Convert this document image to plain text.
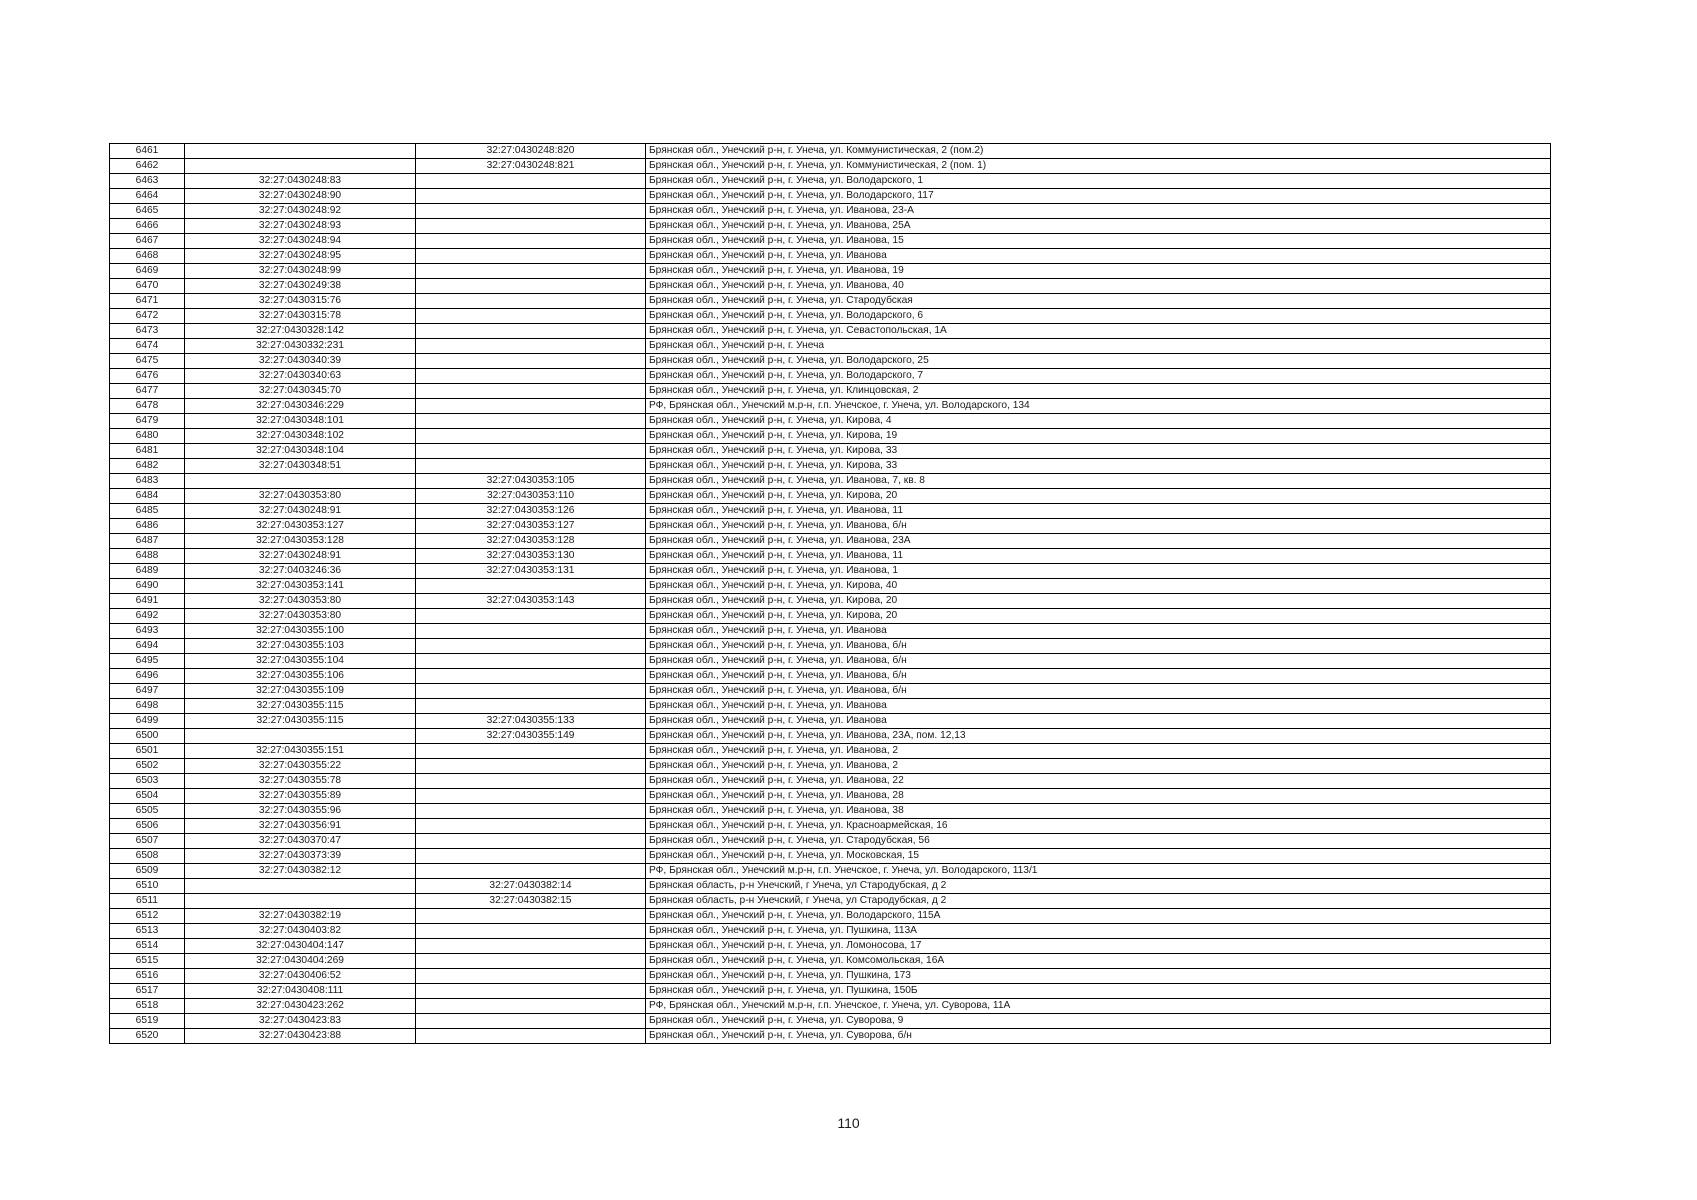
6461		32:27:0430248:820	Брянская обл., Унечский р-н, г. Унеча, ул. Коммунистическая, 2 (пом.2)
6462		32:27:0430248:821	Брянская обл., Унечский р-н, г. Унеча, ул. Коммунистическая, 2 (пом. 1)
6463	32:27:0430248:83		Брянская обл., Унечский р-н, г. Унеча, ул. Володарского, 1
6464	32:27:0430248:90		Брянская обл., Унечский р-н, г. Унеча, ул. Володарского, 117
6465	32:27:0430248:92		Брянская обл., Унечский р-н, г. Унеча, ул. Иванова, 23-А
6466	32:27:0430248:93		Брянская обл., Унечский р-н, г. Унеча, ул. Иванова, 25А
6467	32:27:0430248:94		Брянская обл., Унечский р-н, г. Унеча, ул. Иванова, 15
6468	32:27:0430248:95		Брянская обл., Унечский р-н, г. Унеча, ул. Иванова
6469	32:27:0430248:99		Брянская обл., Унечский р-н, г. Унеча, ул. Иванова, 19
6470	32:27:0430249:38		Брянская обл., Унечский р-н, г. Унеча, ул. Иванова, 40
6471	32:27:0430315:76		Брянская обл., Унечский р-н, г. Унеча, ул. Стародубская
6472	32:27:0430315:78		Брянская обл., Унечский р-н, г. Унеча, ул. Володарского, 6
6473	32:27:0430328:142		Брянская обл., Унечский р-н, г. Унеча, ул. Севастопольская, 1А
6474	32:27:0430332:231		Брянская обл., Унечский р-н, г. Унеча
6475	32:27:0430340:39		Брянская обл., Унечский р-н, г. Унеча, ул. Володарского, 25
6476	32:27:0430340:63		Брянская обл., Унечский р-н, г. Унеча, ул. Володарского, 7
6477	32:27:0430345:70		Брянская обл., Унечский р-н, г. Унеча, ул. Клинцовская, 2
6478	32:27:0430346:229		РФ, Брянская обл., Унечский м.р-н, г.п. Унечское, г. Унеча, ул. Володарского, 134
6479	32:27:0430348:101		Брянская обл., Унечский р-н, г. Унеча, ул. Кирова, 4
6480	32:27:0430348:102		Брянская обл., Унечский р-н, г. Унеча, ул. Кирова, 19
6481	32:27:0430348:104		Брянская обл., Унечский р-н, г. Унеча, ул. Кирова, 33
6482	32:27:0430348:51		Брянская обл., Унечский р-н, г. Унеча, ул. Кирова, 33
6483		32:27:0430353:105	Брянская обл., Унечский р-н, г. Унеча, ул. Иванова, 7, кв. 8
6484	32:27:0430353:80	32:27:0430353:110	Брянская обл., Унечский р-н, г. Унеча, ул. Кирова, 20
6485	32:27:0430248:91	32:27:0430353:126	Брянская обл., Унечский р-н, г. Унеча, ул. Иванова, 11
6486	32:27:0430353:127	32:27:0430353:127	Брянская обл., Унечский р-н, г. Унеча, ул. Иванова, б/н
6487	32:27:0430353:128	32:27:0430353:128	Брянская обл., Унечский р-н, г. Унеча, ул. Иванова, 23А
6488	32:27:0430248:91	32:27:0430353:130	Брянская обл., Унечский р-н, г. Унеча, ул. Иванова, 11
6489	32:27:0403246:36	32:27:0430353:131	Брянская обл., Унечский р-н, г. Унеча, ул. Иванова, 1
6490	32:27:0430353:141		Брянская обл., Унечский р-н, г. Унеча, ул. Кирова, 40
6491	32:27:0430353:80	32:27:0430353:143	Брянская обл., Унечский р-н, г. Унеча, ул. Кирова, 20
6492	32:27:0430353:80		Брянская обл., Унечский р-н, г. Унеча, ул. Кирова, 20
6493	32:27:0430355:100		Брянская обл., Унечский р-н, г. Унеча, ул. Иванова
6494	32:27:0430355:103		Брянская обл., Унечский р-н, г. Унеча, ул. Иванова, б/н
6495	32:27:0430355:104		Брянская обл., Унечский р-н, г. Унеча, ул. Иванова, б/н
6496	32:27:0430355:106		Брянская обл., Унечский р-н, г. Унеча, ул. Иванова, б/н
6497	32:27:0430355:109		Брянская обл., Унечский р-н, г. Унеча, ул. Иванова, б/н
6498	32:27:0430355:115		Брянская обл., Унечский р-н, г. Унеча, ул. Иванова
6499	32:27:0430355:115	32:27:0430355:133	Брянская обл., Унечский р-н, г. Унеча, ул. Иванова
6500		32:27:0430355:149	Брянская обл., Унечский р-н, г. Унеча, ул. Иванова, 23А, пом. 12,13
6501	32:27:0430355:151		Брянская обл., Унечский р-н, г. Унеча, ул. Иванова, 2
6502	32:27:0430355:22		Брянская обл., Унечский р-н, г. Унеча, ул. Иванова, 2
6503	32:27:0430355:78		Брянская обл., Унечский р-н, г. Унеча, ул. Иванова, 22
6504	32:27:0430355:89		Брянская обл., Унечский р-н, г. Унеча, ул. Иванова, 28
6505	32:27:0430355:96		Брянская обл., Унечский р-н, г. Унеча, ул. Иванова, 38
6506	32:27:0430356:91		Брянская обл., Унечский р-н, г. Унеча, ул. Красноармейская, 16
6507	32:27:0430370:47		Брянская обл., Унечский р-н, г. Унеча, ул. Стародубская, 56
6508	32:27:0430373:39		Брянская обл., Унечский р-н, г. Унеча, ул. Московская, 15
6509	32:27:0430382:12		РФ, Брянская обл., Унечский м.р-н, г.п. Унечское, г. Унеча, ул. Володарского, 113/1
6510		32:27:0430382:14	Брянская область, р-н Унечский, г Унеча, ул Стародубская, д 2
6511		32:27:0430382:15	Брянская область, р-н Унечский, г Унеча, ул Стародубская, д 2
6512	32:27:0430382:19		Брянская обл., Унечский р-н, г. Унеча, ул. Володарского, 115А
6513	32:27:0430403:82		Брянская обл., Унечский р-н, г. Унеча, ул. Пушкина, 113А
6514	32:27:0430404:147		Брянская обл., Унечский р-н, г. Унеча, ул. Ломоносова, 17
6515	32:27:0430404:269		Брянская обл., Унечский р-н, г. Унеча, ул. Комсомольская, 16А
6516	32:27:0430406:52		Брянская обл., Унечский р-н, г. Унеча, ул. Пушкина, 173
6517	32:27:0430408:111		Брянская обл., Унечский р-н, г. Унеча, ул. Пушкина, 150Б
6518	32:27:0430423:262		РФ, Брянская обл., Унечский м.р-н, г.п. Унечское, г. Унеча, ул. Суворова, 11А
6519	32:27:0430423:83		Брянская обл., Унечский р-н, г. Унеча, ул. Суворова, 9
6520	32:27:0430423:88		Брянская обл., Унечский р-н, г. Унеча, ул. Суворова, б/н
110
